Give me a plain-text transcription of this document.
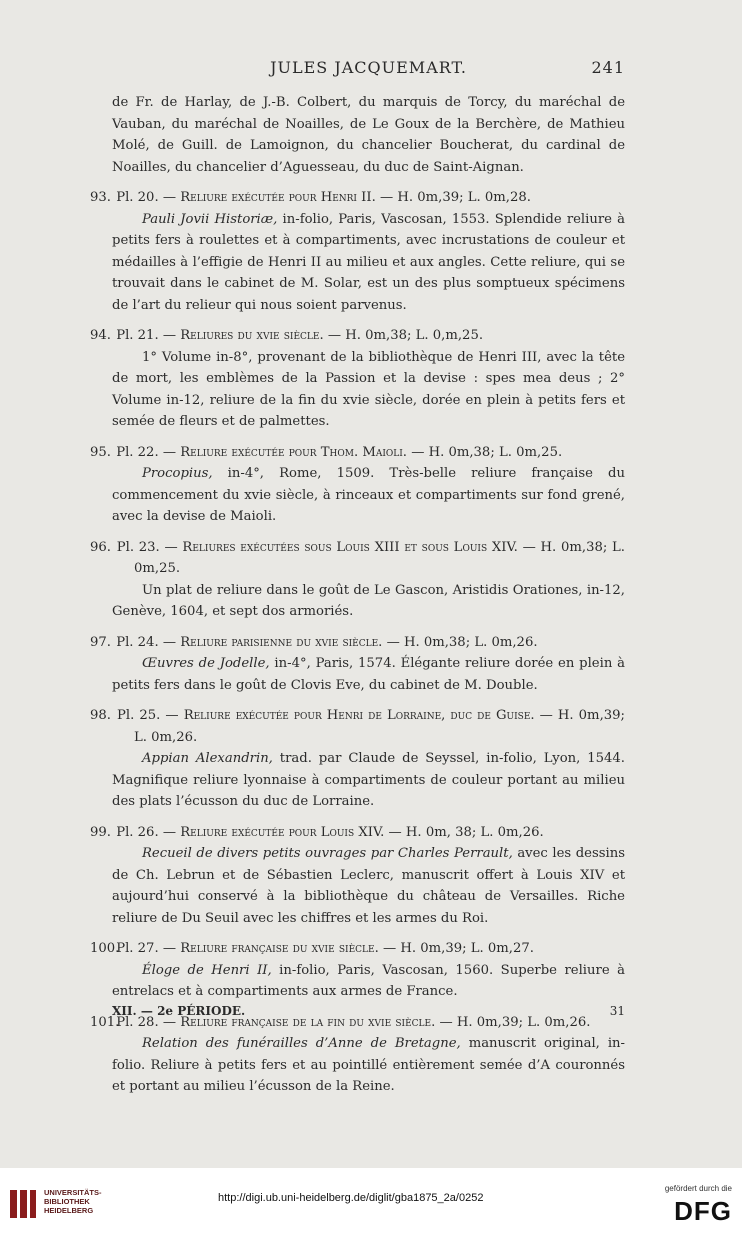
JULES JACQUEMART.	241

de Fr. de Harlay, de J.-B. Colbert, du marquis de Torcy, du maréchal de Vauban, du maréchal de Noailles, de Le Goux de la Berchère, de Mathieu Molé, de Guill. de Lamoignon, du chancelier Boucherat, du cardinal de Noailles, du chancelier d’Aguesseau, du duc de Saint-Aignan.

93. Pl. 20. — Reliure exécutée pour Henri II. — H. 0m,39; L. 0m,28.

Pauli Jovii Historiæ, in-folio, Paris, Vascosan, 1553. Splendide reliure à petits fers à roulettes et à compartiments, avec incrustations de couleur et médailles à l’effigie de Henri II au milieu et aux angles. Cette reliure, qui se trouvait dans le cabinet de M. Solar, est un des plus somptueux spécimens de l’art du relieur qui nous soient parvenus.

94. Pl. 21. — Reliures du xvie siècle. — H. 0m,38; L. 0,m,25.

1° Volume in-8°, provenant de la bibliothèque de Henri III, avec la tête de mort, les emblèmes de la Passion et la devise : spes mea deus ; 2° Volume in-12, reliure de la fin du xvie siècle, dorée en plein à petits fers et semée de fleurs et de palmettes.

95. Pl. 22. — Reliure exécutée pour Thom. Maioli. — H. 0m,38; L. 0m,25.

Procopius, in-4°, Rome, 1509. Très-belle reliure française du commencement du xvie siècle, à rinceaux et compartiments sur fond grené, avec la devise de Maioli.

96. Pl. 23. — Reliures exécutées sous Louis XIII et sous Louis XIV. — H. 0m,38; L. 0m,25.

Un plat de reliure dans le goût de Le Gascon, Aristidis Orationes, in-12, Genève, 1604, et sept dos armoriés.

97. Pl. 24. — Reliure parisienne du xvie siècle. — H. 0m,38; L. 0m,26.

Œuvres de Jodelle, in-4°, Paris, 1574. Élégante reliure dorée en plein à petits fers dans le goût de Clovis Eve, du cabinet de M. Double.

98. Pl. 25. — Reliure exécutée pour Henri de Lorraine, duc de Guise. — H. 0m,39; L. 0m,26.

Appian Alexandrin, trad. par Claude de Seyssel, in-folio, Lyon, 1544. Magnifique reliure lyonnaise à compartiments de couleur portant au milieu des plats l’écusson du duc de Lorraine.

99. Pl. 26. — Reliure exécutée pour Louis XIV. — H. 0m, 38; L. 0m,26.

Recueil de divers petits ouvrages par Charles Perrault, avec les dessins de Ch. Lebrun et de Sébastien Leclerc, manuscrit offert à Louis XIV et aujourd’hui conservé à la bibliothèque du château de Versailles. Riche reliure de Du Seuil avec les chiffres et les armes du Roi.

100. Pl. 27. — Reliure française du xvie siècle. — H. 0m,39; L. 0m,27.

Éloge de Henri II, in-folio, Paris, Vascosan, 1560. Superbe reliure à entrelacs et à compartiments aux armes de France.

101. Pl. 28. — Reliure française de la fin du xvie siècle. — H. 0m,39; L. 0m,26.

Relation des funérailles d’Anne de Bretagne, manuscrit original, in-folio. Reliure à petits fers et au pointillé entièrement semée d’A couronnés et portant au milieu l’écusson de la Reine.

XII. — 2e PÉRIODE.	31
UNIVERSITÄTS-
BIBLIOTHEK
HEIDELBERG
http://digi.ub.uni-heidelberg.de/diglit/gba1875_2a/0252
gefördert durch die
DFG
